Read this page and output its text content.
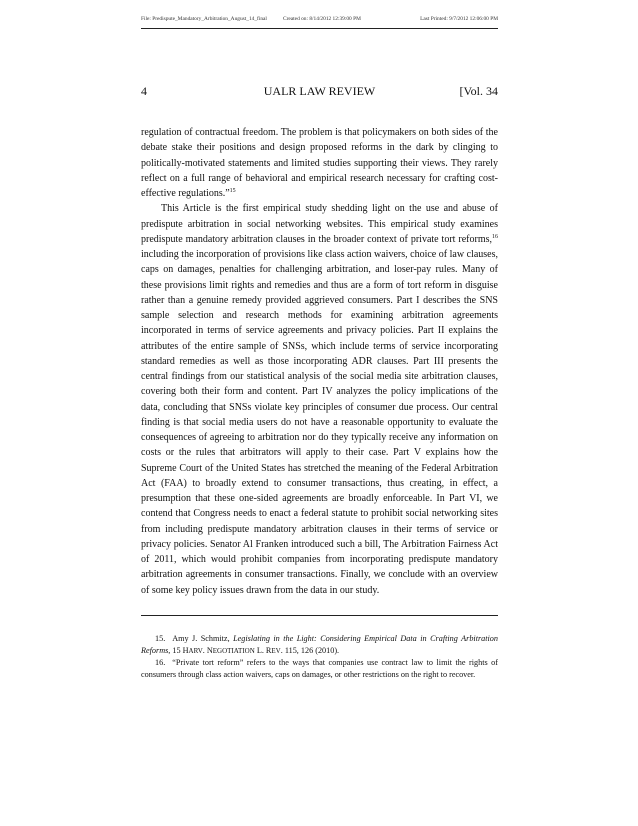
File: Predispute_Mandatory_Arbitration_August_14_final	Created on: 8/14/2012 12:39:00 PM	Last Printed: 9/7/2012 12:06:00 PM
4	UALR LAW REVIEW	[Vol. 34

regulation of contractual freedom. The problem is that policymakers on both sides of the debate stake their positions and design proposed reforms in the dark by clinging to politically-motivated statements and limited studies supporting their views. They rarely reflect on a full range of behavioral and empirical research necessary for crafting cost-effective regulations.”$^{15}$

This Article is the first empirical study shedding light on the use and abuse of predispute arbitration in social networking websites. This empirical study examines predispute mandatory arbitration clauses in the broader context of private tort reforms,$^{16}$ including the incorporation of provisions like class action waivers, choice of law clauses, caps on damages, penalties for challenging arbitration, and loser-pay rules. Many of these provisions limit rights and remedies and thus are a form of tort reform in disguise rather than a genuine remedy provided aggrieved consumers. Part I describes the SNS sample selection and research methods for examining arbitration agreements incorporated in terms of service agreements and privacy policies. Part II explains the attributes of the entire sample of SNSs, which include terms of service incorporating standard remedies as well as those incorporating ADR clauses. Part III presents the central findings from our statistical analysis of the social media site arbitration clauses, covering both their form and content. Part IV analyzes the policy implications of the data, concluding that SNSs violate key principles of consumer due process. Our central finding is that social media users do not have a reasonable opportunity to evaluate the consequences of agreeing to arbitration nor do they typically receive any information on costs or the rules that arbitrators will apply to their case. Part V explains how the Supreme Court of the United States has stretched the meaning of the Federal Arbitration Act (FAA) to broadly extend to consumer transactions, thus creating, in effect, a presumption that these one-sided agreements are broadly enforceable. In Part VI, we contend that Congress needs to enact a federal statute to prohibit social networking sites from including predispute mandatory arbitration clauses in their terms of service or privacy policies. Senator Al Franken introduced such a bill, The Arbitration Fairness Act of 2011, which would prohibit companies from incorporating predispute mandatory arbitration agreements in consumer transactions. Finally, we conclude with an overview of some key policy issues drawn from the data in our study.

15. Amy J. Schmitz, Legislating in the Light: Considering Empirical Data in Crafting Arbitration Reforms, 15 HARV. NEGOTIATION L. REV. 115, 126 (2010).

16. “Private tort reform” refers to the ways that companies use contract law to limit the rights of consumers through class action waivers, caps on damages, or other restrictions on the right to recover.
